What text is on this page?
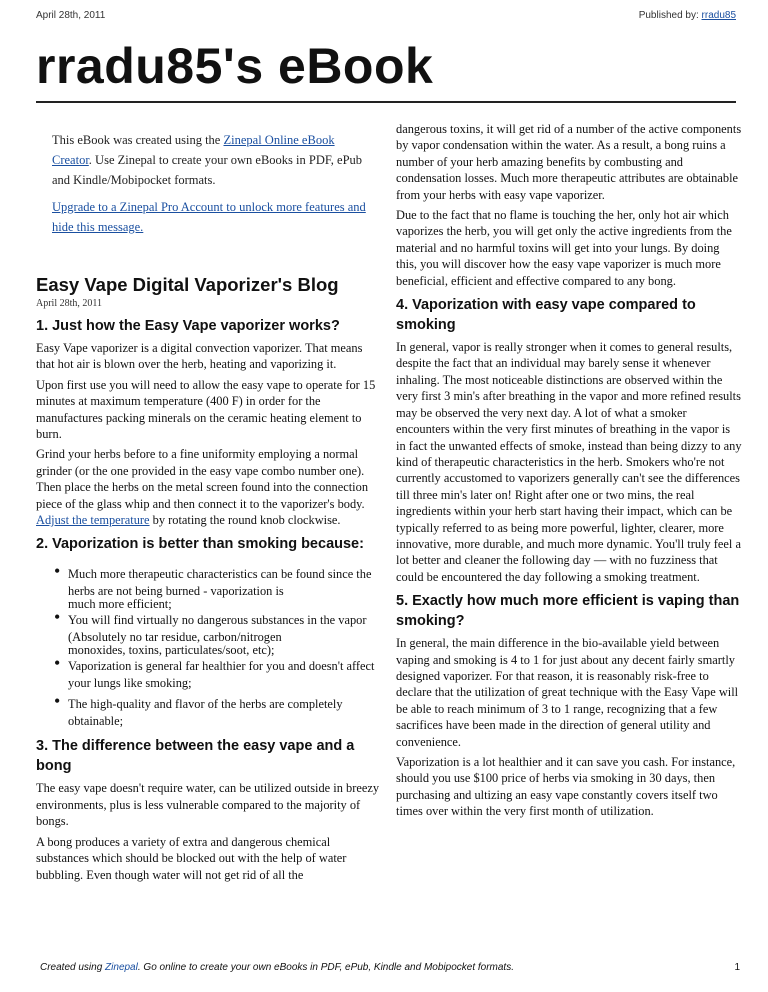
April 28th, 2011	Published by: rradu85
rradu85's eBook

This eBook was created using the Zinepal Online eBook Creator. Use Zinepal to create your own eBooks in PDF, ePub and Kindle/Mobipocket formats.

Upgrade to a Zinepal Pro Account to unlock more features and hide this message.

Easy Vape Digital Vaporizer's Blog
April 28th, 2011
1. Just how the Easy Vape vaporizer works?

Easy Vape vaporizer is a digital convection vaporizer. That means that hot air is blown over the herb, heating and vaporizing it.

Upon first use you will need to allow the easy vape to operate for 15 minutes at maximum temperature (400 F) in order for the manufactures packing minerals on the ceramic heating element to burn.

Grind your herbs before to a fine uniformity employing a normal grinder (or the one provided in the easy vape combo number one). Then place the herbs on the metal screen found into the connection piece of the glass whip and then connect it to the vaporizer's body. Adjust the temperature by rotating the round knob clockwise.

2. Vaporization is better than smoking because:
• Much more therapeutic characteristics can be found since the herbs are not being burned - vaporization is
much more efficient;
• You will find virtually no dangerous substances in the vapor (Absolutely no tar residue, carbon/nitrogen
monoxides, toxins, particulates/soot, etc);
• Vaporization is general far healthier for you and doesn't affect your lungs like smoking;
• The high-quality and flavor of the herbs are completely obtainable;
3. The difference between the easy vape and a bong

The easy vape doesn't require water, can be utilized outside in breezy environments, plus is less vulnerable compared to the majority of bongs.

A bong produces a variety of extra and dangerous chemical substances which should be blocked out with the help of water bubbling. Even though water will not get rid of all the

dangerous toxins, it will get rid of a number of the active components by vapor condensation within the water. As a result, a bong ruins a number of your herb amazing benefits by combusting and condensation losses. Much more therapeutic attributes are obtainable from your herbs with easy vape vaporizer.

Due to the fact that no flame is touching the her, only hot air which vaporizes the herb, you will get only the active ingredients from the material and no harmful toxins will get into your lungs. By doing this, you will discover how the easy vape vaporizer is much more beneficial, efficient and effective compared to any bong.

4. Vaporization with easy vape compared to smoking

In general, vapor is really stronger when it comes to general results, despite the fact that an individual may barely sense it whenever inhaling. The most noticeable distinctions are observed within the very first 3 min's after breathing in the vapor and more refined results may be observed the very next day. A lot of what a smoker encounters within the very first minutes of breathing in the vapor is in fact the unwanted effects of smoke, instead than being dizzy to any kind of therapeutic characteristics in the herb. Smokers who're not currently accustomed to vaporizers generally can't see the differences till three min's later on! Right after one or two mins, the real ingredients within your herb start having their impact, which can be typically referred to as being more powerful, lighter, clearer, more innovative, more durable, and much more dynamic. You'll truly feel a lot better and cleaner the following day — with no fuzziness that could be encountered the day following a smoking treatment.

5. Exactly how much more efficient is vaping than smoking?

In general, the main difference in the bio-available yield between vaping and smoking is 4 to 1 for just about any decent fairly smartly designed vaporizer. For that reason, it is reasonably risk-free to declare that the utilization of great technique with the Easy Vape will be able to reach minimum of 3 to 1 range, recognizing that a few sacrifices have been made in the direction of general utility and convenience.

Vaporization is a lot healthier and it can save you cash. For instance, should you use $100 price of herbs via smoking in 30 days, then purchasing and ultizing an easy vape constantly covers itself two times over within the very first month of utilization.

Created using Zinepal. Go online to create your own eBooks in PDF, ePub, Kindle and Mobipocket formats.	1
